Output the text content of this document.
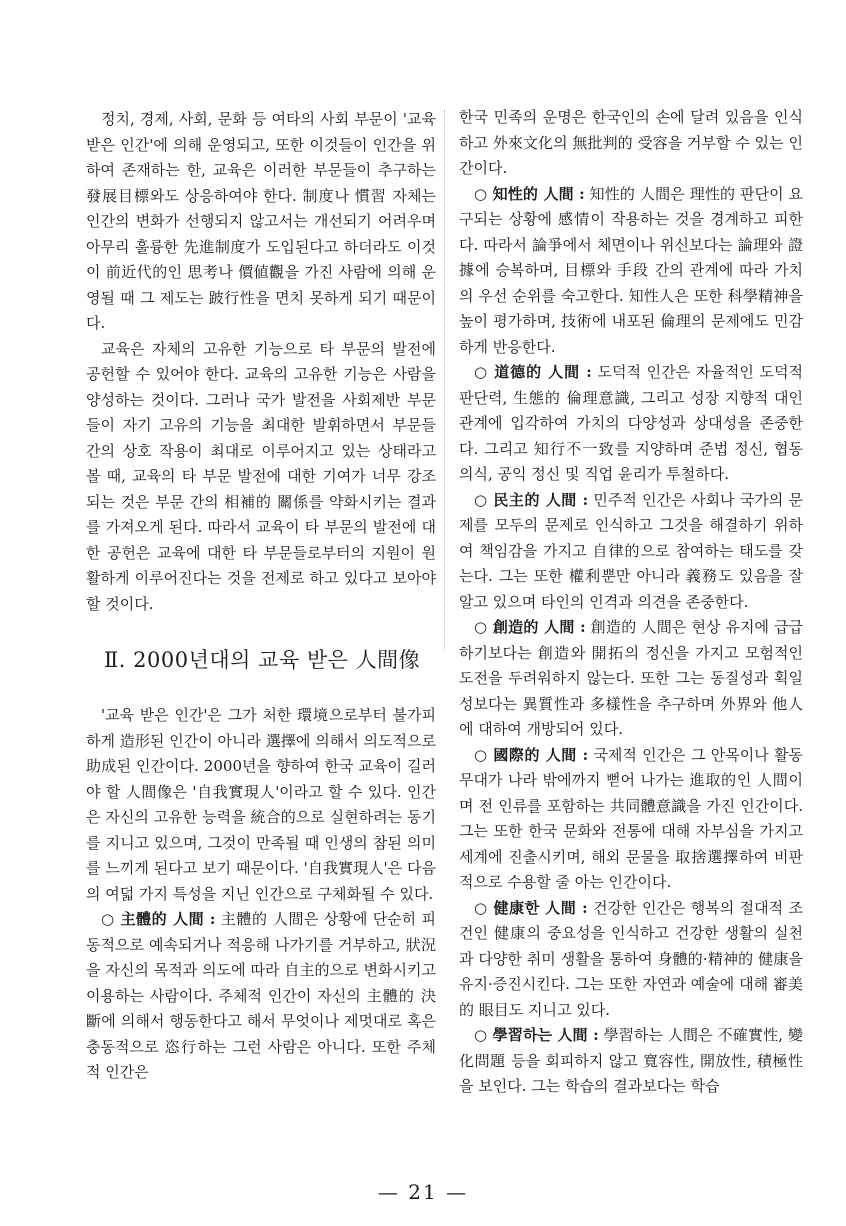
정치, 경제, 사회, 문화 등 여타의 사회 부문이 '교육 받은 인간'에 의해 운영되고, 또한 이것들이 인간을 위하여 존재하는 한, 교육은 이러한 부문들이 추구하는 發展目標와도 상응하여야 한다. 制度나 慣習 자체는 인간의 변화가 선행되지 않고서는 개선되기 어려우며 아무리 훌륭한 先進制度가 도입된다고 하더라도 이것이 前近代的인 思考나 價値觀을 가진 사람에 의해 운영될 때 그 제도는 跛行性을 면치 못하게 되기 때문이다.

교육은 자체의 고유한 기능으로 타 부문의 발전에 공헌할 수 있어야 한다. 교육의 고유한 기능은 사람을 양성하는 것이다. 그러나 국가 발전을 사회제반 부문들이 자기 고유의 기능을 최대한 발휘하면서 부문들 간의 상호 작용이 최대로 이루어지고 있는 상태라고 볼 때, 교육의 타 부문 발전에 대한 기여가 너무 강조되는 것은 부문 간의 相補的 關係를 약화시키는 결과를 가져오게 된다. 따라서 교육이 타 부문의 발전에 대한 공헌은 교육에 대한 타 부문들로부터의 지원이 원활하게 이루어진다는 것을 전제로 하고 있다고 보아야 할 것이다.

Ⅱ. 2000년대의 교육 받은 人間像

'교육 받은 인간'은 그가 처한 環境으로부터 불가피하게 造形된 인간이 아니라 選擇에 의해서 의도적으로 助成된 인간이다. 2000년을 향하여 한국 교육이 길러야 할 人間像은 '自我實現人'이라고 할 수 있다. 인간은 자신의 고유한 능력을 統合的으로 실현하려는 동기를 지니고 있으며, 그것이 만족될 때 인생의 참된 의미를 느끼게 된다고 보기 때문이다. '自我實現人'은 다음의 여덟 가지 특성을 지닌 인간으로 구체화될 수 있다.

○ 主體的 人間 : 主體的 人間은 상황에 단순히 피동적으로 예속되거나 적응해 나가기를 거부하고, 狀況을 자신의 목적과 의도에 따라 自主的으로 변화시키고 이용하는 사람이다. 주체적 인간이 자신의 主體的 決斷에 의해서 행동한다고 해서 무엇이나 제멋대로 혹은 충동적으로 恣行하는 그런 사람은 아니다. 또한 주체적 인간은

한국 민족의 운명은 한국인의 손에 달려 있음을 인식하고 外來文化의 無批判的 受容을 거부할 수 있는 인간이다.

○ 知性的 人間 : 知性的 人間은 理性的 판단이 요구되는 상황에 感情이 작용하는 것을 경계하고 피한다. 따라서 論爭에서 체면이나 위신보다는 論理와 證據에 승복하며, 目標와 手段 간의 관계에 따라 가치의 우선 순위를 숙고한다. 知性人은 또한 科學精神을 높이 평가하며, 技術에 내포된 倫理의 문제에도 민감하게 반응한다.

○ 道德的 人間 : 도덕적 인간은 자율적인 도덕적 판단력, 生態的 倫理意識, 그리고 성장 지향적 대인 관계에 입각하여 가치의 다양성과 상대성을 존중한다. 그리고 知行不一致를 지양하며 준법 정신, 협동 의식, 공익 정신 및 직업 윤리가 투철하다.

○ 民主的 人間 : 민주적 인간은 사회나 국가의 문제를 모두의 문제로 인식하고 그것을 해결하기 위하여 책임감을 가지고 自律的으로 참여하는 태도를 갖는다. 그는 또한 權利뿐만 아니라 義務도 있음을 잘 알고 있으며 타인의 인격과 의견을 존중한다.

○ 創造的 人間 : 創造的 人間은 현상 유지에 급급하기보다는 創造와 開拓의 정신을 가지고 모험적인 도전을 두려워하지 않는다. 또한 그는 동질성과 획일성보다는 異質性과 多樣性을 추구하며 外界와 他人에 대하여 개방되어 있다.

○ 國際的 人間 : 국제적 인간은 그 안목이나 활동 무대가 나라 밖에까지 뻗어 나가는 進取的인 人間이며 전 인류를 포함하는 共同體意識을 가진 인간이다. 그는 또한 한국 문화와 전통에 대해 자부심을 가지고 세계에 진출시키며, 해외 문물을 取捨選擇하여 비판적으로 수용할 줄 아는 인간이다.

○ 健康한 人間 : 건강한 인간은 행복의 절대적 조건인 健康의 중요성을 인식하고 건강한 생활의 실천과 다양한 취미 생활을 통하여 身體的·精神的 健康을 유지·증진시킨다. 그는 또한 자연과 예술에 대해 審美的 眼目도 지니고 있다.

○ 學習하는 人間 : 學習하는 人間은 不確實性, 變化問題 등을 회피하지 않고 寬容性, 開放性, 積極性을 보인다. 그는 학습의 결과보다는 학습

— 21 —
